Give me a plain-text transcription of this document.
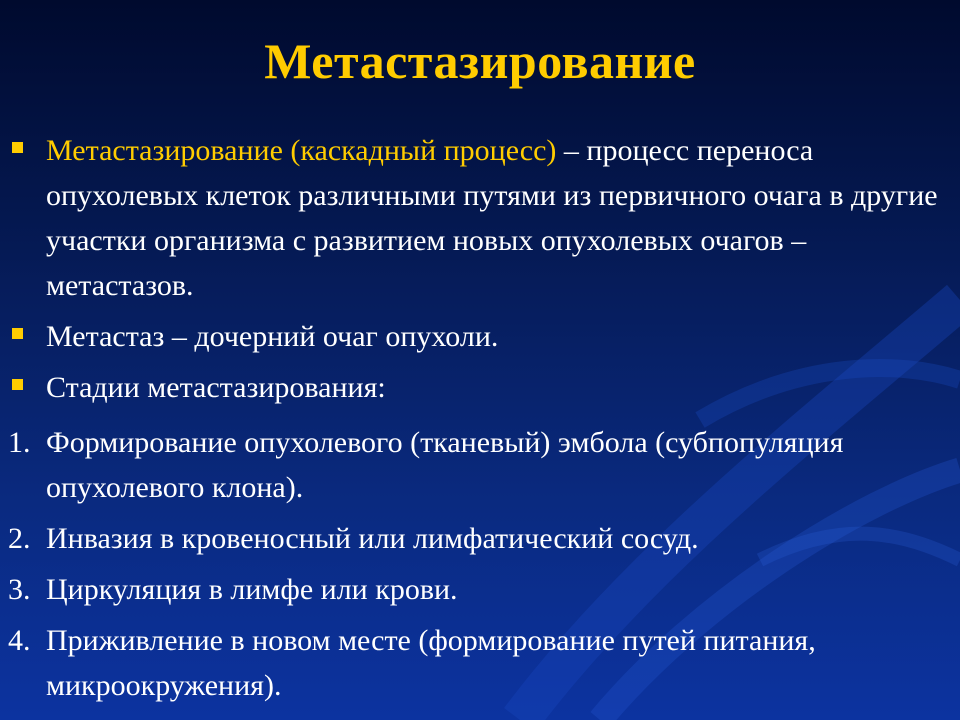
Метастазирование
Метастазирование (каскадный процесс) – процесс переноса опухолевых клеток различными путями из первичного очага в другие участки организма с развитием новых опухолевых очагов – метастазов.
Метастаз – дочерний очаг опухоли.
Стадии метастазирования:
1. Формирование опухолевого (тканевый) эмбола (субпопуляция опухолевого клона).
2. Инвазия в кровеносный или лимфатический сосуд.
3. Циркуляция в лимфе или крови.
4. Приживление в новом месте (формирование путей питания, микроокружения).
